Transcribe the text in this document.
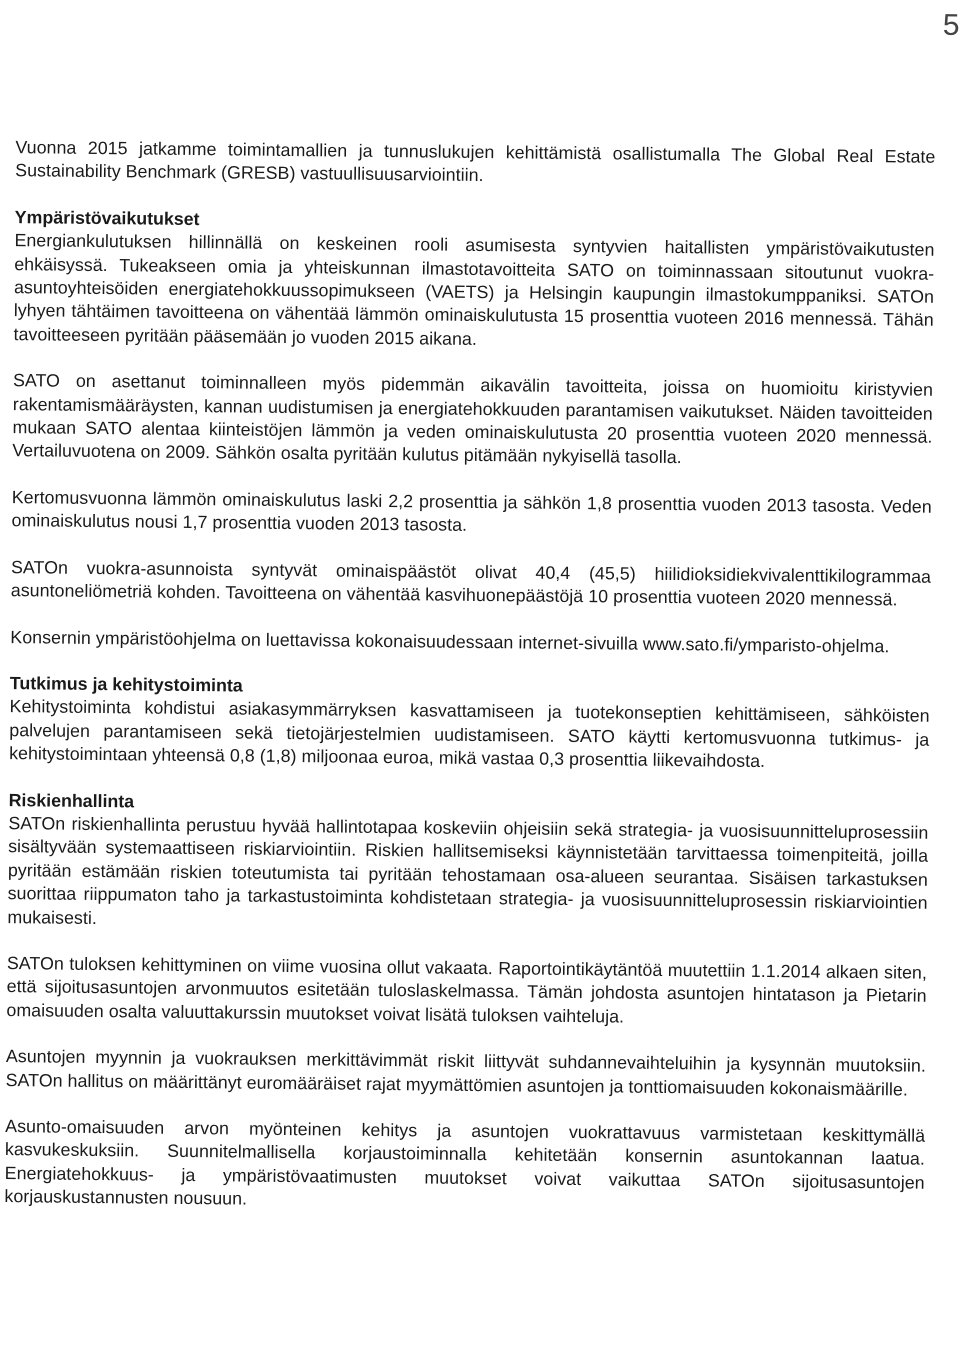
5

Vuonna 2015 jatkamme toimintamallien ja tunnuslukujen kehittämistä osallistumalla The Global Real Estate Sustainability Benchmark (GRESB) vastuullisuusarviointiin.

Ympäristövaikutukset

Energiankulutuksen hillinnällä on keskeinen rooli asumisesta syntyvien haitallisten ympäristövaikutusten ehkäisyssä. Tukeakseen omia ja yhteiskunnan ilmastotavoitteita SATO on toiminnassaan sitoutunut vuokra-asuntoyhteisöiden energiatehokkuussopimukseen (VAETS) ja Helsingin kaupungin ilmastokumppaniksi. SATOn lyhyen tähtäimen tavoitteena on vähentää lämmön ominaiskulutusta 15 prosenttia vuoteen 2016 mennessä. Tähän tavoitteeseen pyritään pääsemään jo vuoden 2015 aikana.

SATO on asettanut toiminnalleen myös pidemmän aikavälin tavoitteita, joissa on huomioitu kiristyvien rakentamismääräysten, kannan uudistumisen ja energiatehokkuuden parantamisen vaikutukset. Näiden tavoitteiden mukaan SATO alentaa kiinteistöjen lämmön ja veden ominaiskulutusta 20 prosenttia vuoteen 2020 mennessä. Vertailuvuotena on 2009. Sähkön osalta pyritään kulutus pitämään nykyisellä tasolla.

Kertomusvuonna lämmön ominaiskulutus laski 2,2 prosenttia ja sähkön 1,8 prosenttia vuoden 2013 tasosta. Veden ominaiskulutus nousi 1,7 prosenttia vuoden 2013 tasosta.

SATOn vuokra-asunnoista syntyvät ominaispäästöt olivat 40,4 (45,5) hiilidioksidiekvivalenttikilogrammaa asuntoneliömetriä kohden. Tavoitteena on vähentää kasvihuonepäästöjä 10 prosenttia vuoteen 2020 mennessä.

Konsernin ympäristöohjelma on luettavissa kokonaisuudessaan internet-sivuilla www.sato.fi/ymparisto-ohjelma.

Tutkimus ja kehitystoiminta

Kehitystoiminta kohdistui asiakasymmärryksen kasvattamiseen ja tuotekonseptien kehittämiseen, sähköisten palvelujen parantamiseen sekä tietojärjestelmien uudistamiseen. SATO käytti kertomusvuonna tutkimus- ja kehitystoimintaan yhteensä 0,8 (1,8) miljoonaa euroa, mikä vastaa 0,3 prosenttia liikevaihdosta.

Riskienhallinta

SATOn riskienhallinta perustuu hyvää hallintotapaa koskeviin ohjeisiin sekä strategia- ja vuosisuunnitteluprosessiin sisältyvään systemaattiseen riskiarviointiin. Riskien hallitsemiseksi käynnistetään tarvittaessa toimenpiteitä, joilla pyritään estämään riskien toteutumista tai pyritään tehostamaan osa-alueen seurantaa. Sisäisen tarkastuksen suorittaa riippumaton taho ja tarkastustoiminta kohdistetaan strategia- ja vuosisuunnitteluprosessin riskiarviointien mukaisesti.

SATOn tuloksen kehittyminen on viime vuosina ollut vakaata. Raportointikäytäntöä muutettiin 1.1.2014 alkaen siten, että sijoitusasuntojen arvonmuutos esitetään tuloslaskelmassa. Tämän johdosta asuntojen hintatason ja Pietarin omaisuuden osalta valuuttakurssin muutokset voivat lisätä tuloksen vaihteluja.

Asuntojen myynnin ja vuokrauksen merkittävimmät riskit liittyvät suhdannevaihteluihin ja kysynnän muutoksiin. SATOn hallitus on määrittänyt euromääräiset rajat myymättömien asuntojen ja tonttiomaisuuden kokonaismäärille.

Asunto-omaisuuden arvon myönteinen kehitys ja asuntojen vuokrattavuus varmistetaan keskittymällä kasvukeskuksiin. Suunnitelmallisella korjaustoiminnalla kehitetään konsernin asuntokannan laatua. Energiatehokkuus- ja ympäristövaatimusten muutokset voivat vaikuttaa SATOn sijoitusasuntojen korjauskustannusten nousuun.
